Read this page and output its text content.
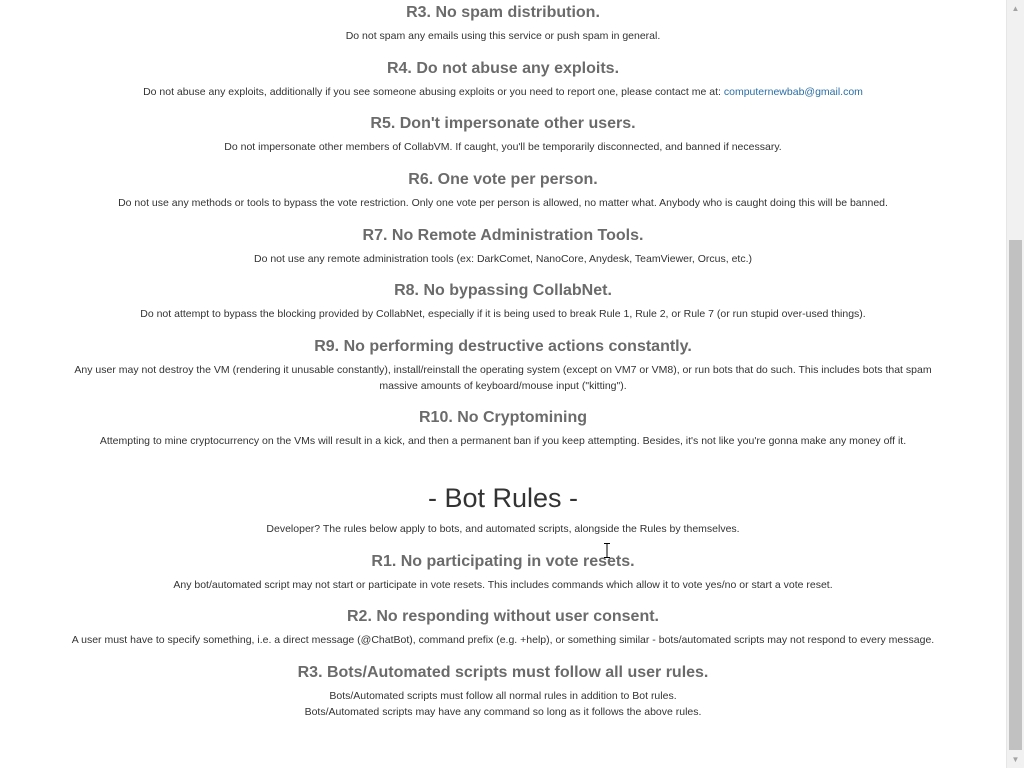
R3. No spam distribution.

Do not spam any emails using this service or push spam in general.

R4. Do not abuse any exploits.

Do not abuse any exploits, additionally if you see someone abusing exploits or you need to report one, please contact me at: computernewbab@gmail.com

R5. Don't impersonate other users.

Do not impersonate other members of CollabVM. If caught, you'll be temporarily disconnected, and banned if necessary.

R6. One vote per person.

Do not use any methods or tools to bypass the vote restriction. Only one vote per person is allowed, no matter what. Anybody who is caught doing this will be banned.

R7. No Remote Administration Tools.

Do not use any remote administration tools (ex: DarkComet, NanoCore, Anydesk, TeamViewer, Orcus, etc.)

R8. No bypassing CollabNet.

Do not attempt to bypass the blocking provided by CollabNet, especially if it is being used to break Rule 1, Rule 2, or Rule 7 (or run stupid over-used things).

R9. No performing destructive actions constantly.

Any user may not destroy the VM (rendering it unusable constantly), install/reinstall the operating system (except on VM7 or VM8), or run bots that do such. This includes bots that spam

massive amounts of keyboard/mouse input ("kitting").

R10. No Cryptomining

Attempting to mine cryptocurrency on the VMs will result in a kick, and then a permanent ban if you keep attempting. Besides, it's not like you're gonna make any money off it.

- Bot Rules -

Developer? The rules below apply to bots, and automated scripts, alongside the Rules by themselves.

R1. No participating in vote resets.

Any bot/automated script may not start or participate in vote resets. This includes commands which allow it to vote yes/no or start a vote reset.

R2. No responding without user consent.

A user must have to specify something, i.e. a direct message (@ChatBot), command prefix (e.g. +help), or something similar - bots/automated scripts may not respond to every message.

R3. Bots/Automated scripts must follow all user rules.

Bots/Automated scripts must follow all normal rules in addition to Bot rules.

Bots/Automated scripts may have any command so long as it follows the above rules.

▲
▼
